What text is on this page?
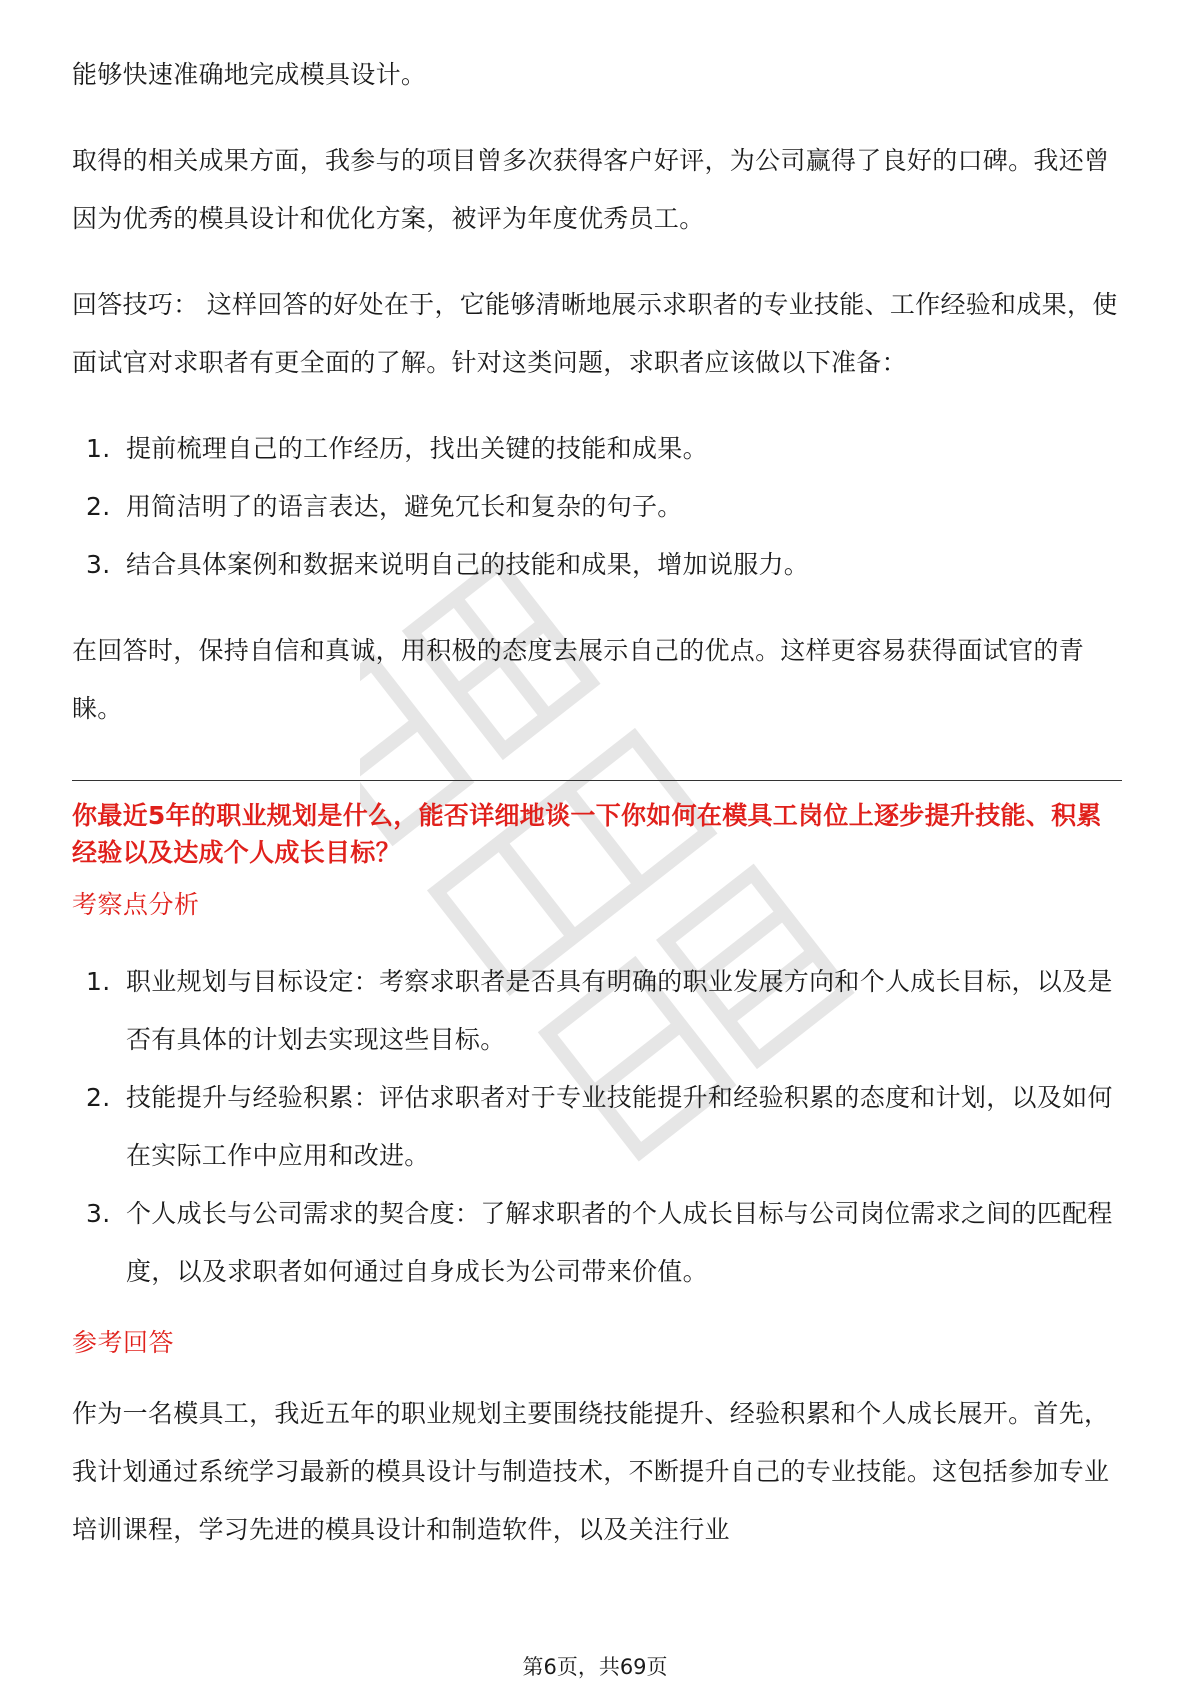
能够快速准确地完成模具设计。

取得的相关成果方面，我参与的项目曾多次获得客户好评，为公司赢得了良好的口碑。我还曾因为优秀的模具设计和优化方案，被评为年度优秀员工。

回答技巧： 这样回答的好处在于，它能够清晰地展示求职者的专业技能、工作经验和成果，使面试官对求职者有更全面的了解。针对这类问题，求职者应该做以下准备：

1. 提前梳理自己的工作经历，找出关键的技能和成果。
2. 用简洁明了的语言表达，避免冗长和复杂的句子。
3. 结合具体案例和数据来说明自己的技能和成果，增加说服力。

在回答时，保持自信和真诚，用积极的态度去展示自己的优点。这样更容易获得面试官的青睐。

你最近5年的职业规划是什么，能否详细地谈一下你如何在模具工岗位上逐步提升技能、积累经验以及达成个人成长目标？

考察点分析

1. 职业规划与目标设定：考察求职者是否具有明确的职业发展方向和个人成长目标，以及是否有具体的计划去实现这些目标。
2. 技能提升与经验积累：评估求职者对于专业技能提升和经验积累的态度和计划，以及如何在实际工作中应用和改进。
3. 个人成长与公司需求的契合度：了解求职者的个人成长目标与公司岗位需求之间的匹配程度，以及求职者如何通过自身成长为公司带来价值。

参考回答

作为一名模具工，我近五年的职业规划主要围绕技能提升、经验积累和个人成长展开。首先，我计划通过系统学习最新的模具设计与制造技术，不断提升自己的专业技能。这包括参加专业培训课程，学习先进的模具设计和制造软件，以及关注行业

第6页，共69页
